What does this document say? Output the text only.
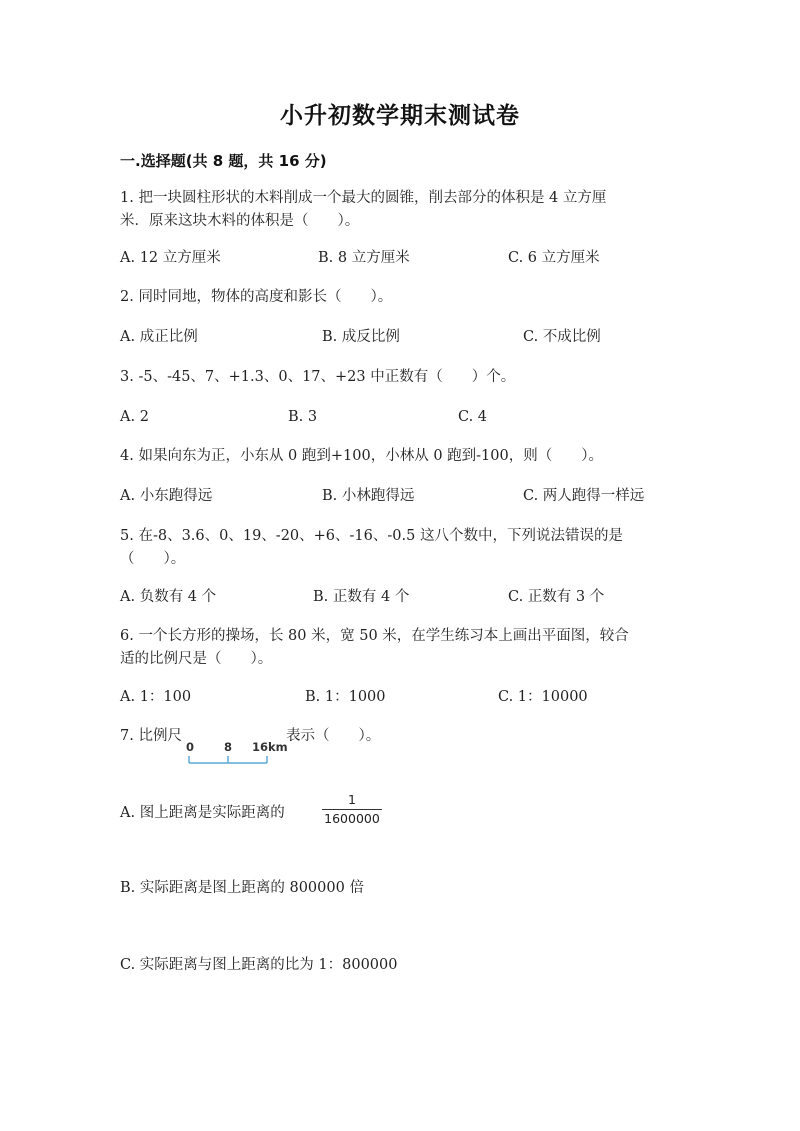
小升初数学期末测试卷
一.选择题(共 8 题，共 16 分)
1. 把一块圆柱形状的木料削成一个最大的圆锥，削去部分的体积是 4 立方厘
米．原来这块木料的体积是（　　）。
A. 12 立方厘米	B. 8 立方厘米	C. 6 立方厘米
2. 同时同地，物体的高度和影长（　　）。
A. 成正比例	B. 成反比例	C. 不成比例
3. -5、-45、7、+1.3、0、17、+23 中正数有（　　）个。
A. 2	B. 3	C. 4
4. 如果向东为正，小东从 0 跑到+100，小林从 0 跑到-100，则（　　）。
A. 小东跑得远	B. 小林跑得远	C. 两人跑得一样远
5. 在-8、3.6、0、19、-20、+6、-16、-0.5 这八个数中，下列说法错误的是
（　　）。
A. 负数有 4 个	B. 正数有 4 个	C. 正数有 3 个
6. 一个长方形的操场，长 80 米，宽 50 米，在学生练习本上画出平面图，较合
适的比例尺是（　　）。
A. 1：100	B. 1：1000	C. 1：10000
7. 比例尺
0	8 16km
表示（　　）。
A. 图上距离是实际距离的
1
1600000
B. 实际距离是图上距离的 800000 倍
C. 实际距离与图上距离的比为 1：800000
